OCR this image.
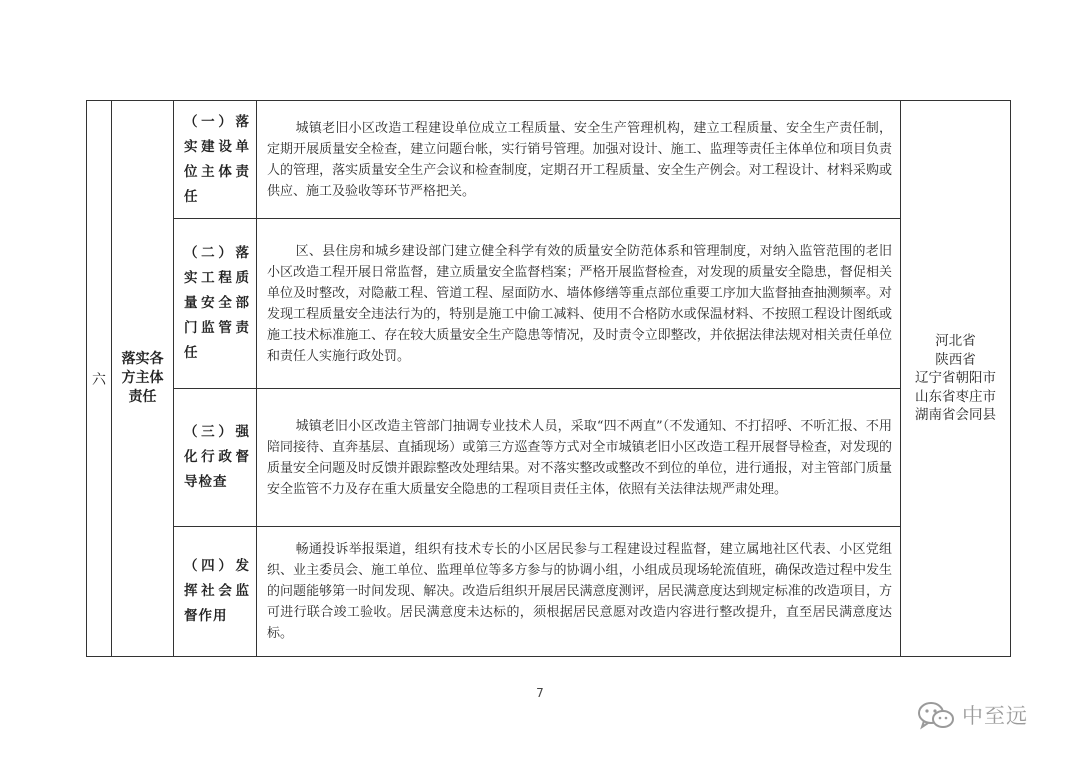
六	落实各
方主体
责任	（一）落实建设单位主体责任	城镇老旧小区改造工程建设单位成立工程质量、安全生产管理机构，建立工程质量、安全生产责任制，定期开展质量安全检查，建立问题台帐，实行销号管理。加强对设计、施工、监理等责任主体单位和项目负责人的管理，落实质量安全生产会议和检查制度，定期召开工程质量、安全生产例会。对工程设计、材料采购或供应、施工及验收等环节严格把关。	河北省
陕西省
辽宁省朝阳市
山东省枣庄市
湖南省会同县

		（二）落实工程质量安全部门监管责任	区、县住房和城乡建设部门建立健全科学有效的质量安全防范体系和管理制度，对纳入监管范围的老旧小区改造工程开展日常监督，建立质量安全监督档案；严格开展监督检查，对发现的质量安全隐患，督促相关单位及时整改，对隐蔽工程、管道工程、屋面防水、墙体修缮等重点部位重要工序加大监督抽查抽测频率。对发现工程质量安全违法行为的，特别是施工中偷工减料、使用不合格防水或保温材料、不按照工程设计图纸或施工技术标准施工、存在较大质量安全生产隐患等情况，及时责令立即整改，并依据法律法规对相关责任单位和责任人实施行政处罚。	

		（三）强化行政督导检查	城镇老旧小区改造主管部门抽调专业技术人员，采取“四不两直”（不发通知、不打招呼、不听汇报、不用陪同接待、直奔基层、直插现场）或第三方巡查等方式对全市城镇老旧小区改造工程开展督导检查，对发现的质量安全问题及时反馈并跟踪整改处理结果。对不落实整改或整改不到位的单位，进行通报，对主管部门质量安全监管不力及存在重大质量安全隐患的工程项目责任主体，依照有关法律法规严肃处理。	

		（四）发挥社会监督作用	畅通投诉举报渠道，组织有技术专长的小区居民参与工程建设过程监督，建立属地社区代表、小区党组织、业主委员会、施工单位、监理单位等多方参与的协调小组，小组成员现场轮流值班，确保改造过程中发生的问题能够第一时间发现、解决。改造后组织开展居民满意度测评，居民满意度达到规定标准的改造项目，方可进行联合竣工验收。居民满意度未达标的，须根据居民意愿对改造内容进行整改提升，直至居民满意度达标。	

7
中至远
